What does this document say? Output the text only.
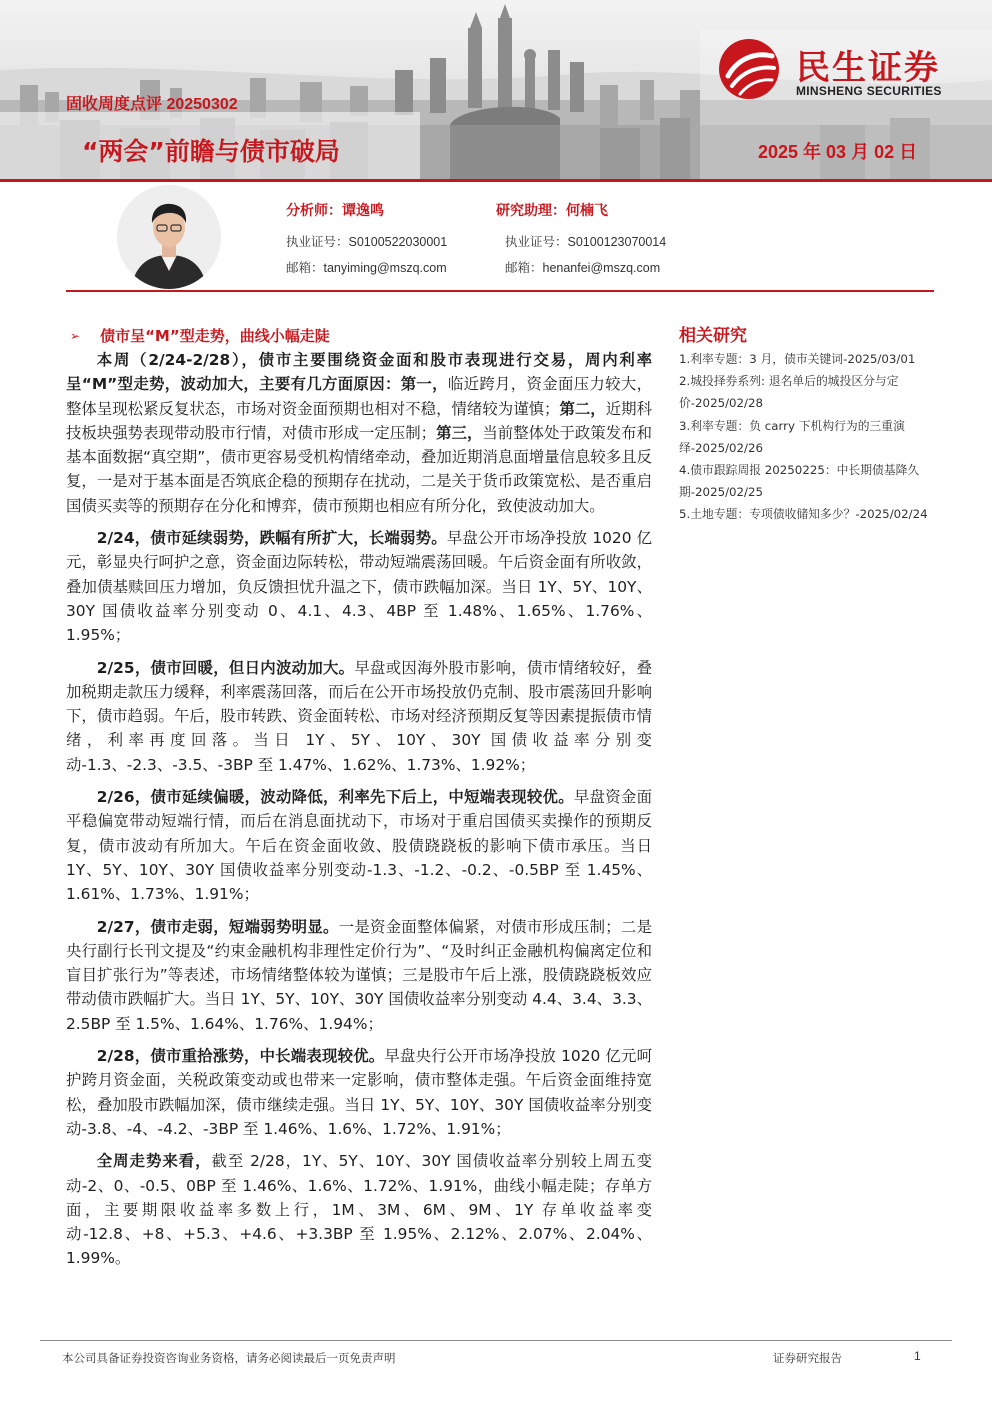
固收周度点评 20250302
“两会”前瞻与债市破局	2025 年 03 月 02 日
民生证券
MINSHENG SECURITIES
分析师：谭逸鸣
执业证号：S0100522030001
邮箱：tanyiming@mszq.com
研究助理：何楠飞
执业证号：S0100123070014
邮箱：henanfei@mszq.com
➢ 债市呈“M”型走势，曲线小幅走陡

本周（2/24-2/28），债市主要围绕资金面和股市表现进行交易，周内利率呈“M”型走势，波动加大，主要有几方面原因：第一，临近跨月，资金面压力较大，整体呈现松紧反复状态，市场对资金面预期也相对不稳，情绪较为谨慎；第二，近期科技板块强势表现带动股市行情，对债市形成一定压制；第三，当前整体处于政策发布和基本面数据“真空期”，债市更容易受机构情绪牵动，叠加近期消息面增量信息较多且反复，一是对于基本面是否筑底企稳的预期存在扰动，二是关于货币政策宽松、是否重启国债买卖等的预期存在分化和博弈，债市预期也相应有所分化，致使波动加大。

2/24，债市延续弱势，跌幅有所扩大，长端弱势。早盘公开市场净投放 1020 亿元，彰显央行呵护之意，资金面边际转松，带动短端震荡回暖。午后资金面有所收敛，叠加债基赎回压力增加，负反馈担忧升温之下，债市跌幅加深。当日 1Y、5Y、10Y、30Y 国债收益率分别变动 0、4.1、4.3、4BP 至 1.48%、1.65%、1.76%、1.95%；

2/25，债市回暖，但日内波动加大。早盘或因海外股市影响，债市情绪较好，叠加税期走款压力缓释，利率震荡回落，而后在公开市场投放仍克制、股市震荡回升影响下，债市趋弱。午后，股市转跌、资金面转松、市场对经济预期反复等因素提振债市情绪，利率再度回落。当日 1Y、5Y、10Y、30Y 国债收益率分别变动-1.3、-2.3、-3.5、-3BP 至 1.47%、1.62%、1.73%、1.92%；

2/26，债市延续偏暖，波动降低，利率先下后上，中短端表现较优。早盘资金面平稳偏宽带动短端行情，而后在消息面扰动下，市场对于重启国债买卖操作的预期反复，债市波动有所加大。午后在资金面收敛、股债跷跷板的影响下债市承压。当日 1Y、5Y、10Y、30Y 国债收益率分别变动-1.3、-1.2、-0.2、-0.5BP 至 1.45%、1.61%、1.73%、1.91%；

2/27，债市走弱，短端弱势明显。一是资金面整体偏紧，对债市形成压制；二是央行副行长刊文提及“约束金融机构非理性定价行为”、“及时纠正金融机构偏离定位和盲目扩张行为”等表述，市场情绪整体较为谨慎；三是股市午后上涨，股债跷跷板效应带动债市跌幅扩大。当日 1Y、5Y、10Y、30Y 国债收益率分别变动 4.4、3.4、3.3、2.5BP 至 1.5%、1.64%、1.76%、1.94%；

2/28，债市重拾涨势，中长端表现较优。早盘央行公开市场净投放 1020 亿元呵护跨月资金面，关税政策变动或也带来一定影响，债市整体走强。午后资金面维持宽松，叠加股市跌幅加深，债市继续走强。当日 1Y、5Y、10Y、30Y 国债收益率分别变动-3.8、-4、-4.2、-3BP 至 1.46%、1.6%、1.72%、1.91%；

全周走势来看，截至 2/28，1Y、5Y、10Y、30Y 国债收益率分别较上周五变动-2、0、-0.5、0BP 至 1.46%、1.6%、1.72%、1.91%，曲线小幅走陡；存单方面，主要期限收益率多数上行，1M、3M、6M、9M、1Y 存单收益率变动-12.8、+8、+5.3、+4.6、+3.3BP 至 1.95%、2.12%、2.07%、2.04%、1.99%。

相关研究
1.利率专题：3 月，债市关键词-2025/03/01
2.城投择券系列: 退名单后的城投区分与定价-2025/02/28
3.利率专题：负 carry 下机构行为的三重演绎-2025/02/26
4.债市跟踪周报 20250225：中长期债基降久期-2025/02/25
5.土地专题：专项债收储知多少？-2025/02/24
本公司具备证券投资咨询业务资格，请务必阅读最后一页免责声明	证券研究报告	1
